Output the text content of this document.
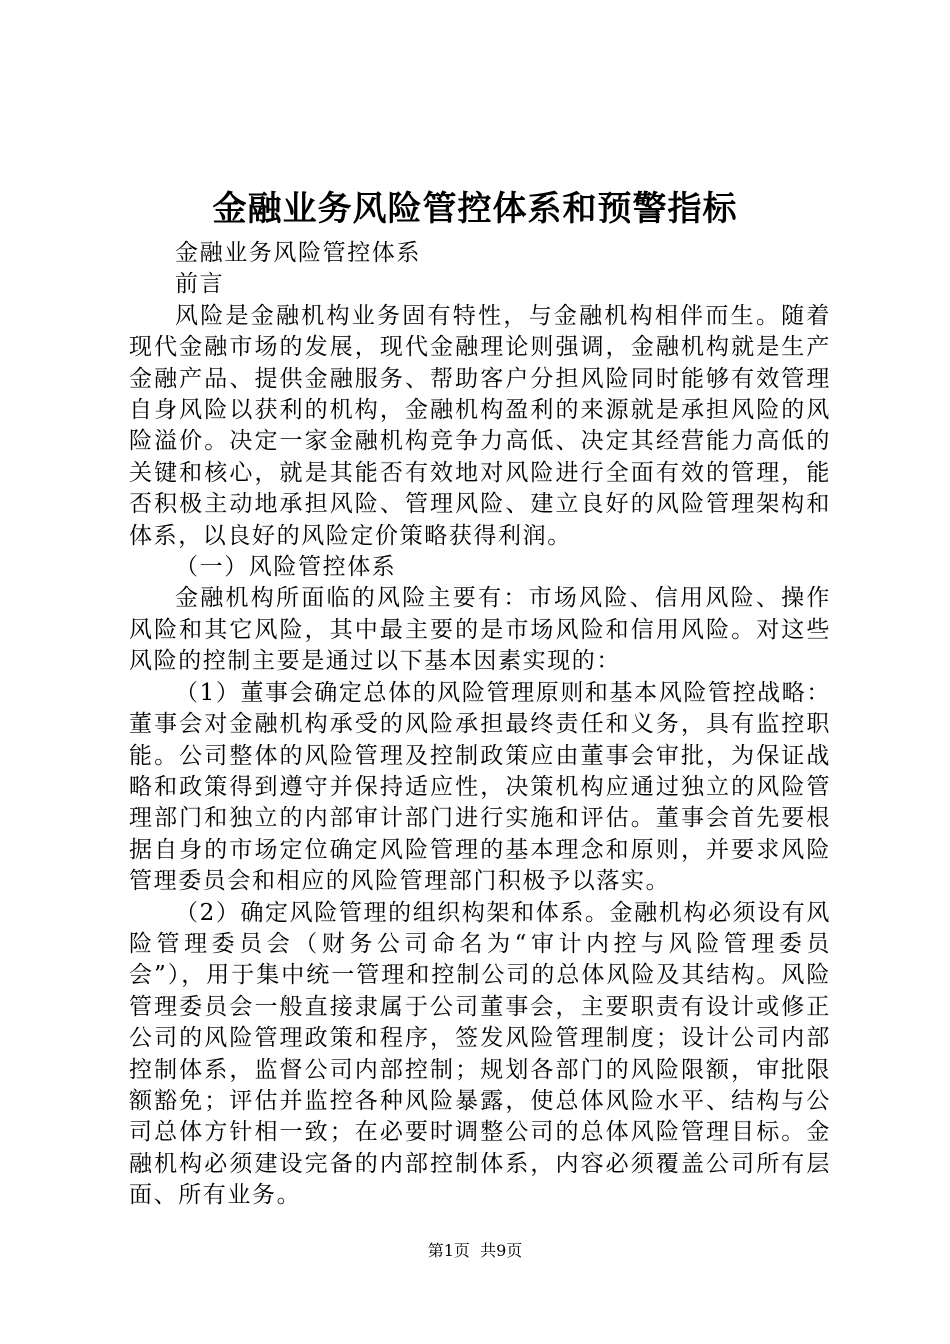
金融业务风险管控体系和预警指标

金融业务风险管控体系

前言

风险是金融机构业务固有特性，与金融机构相伴而生。随着现代金融市场的发展，现代金融理论则强调，金融机构就是生产金融产品、提供金融服务、帮助客户分担风险同时能够有效管理自身风险以获利的机构，金融机构盈利的来源就是承担风险的风险溢价。决定一家金融机构竞争力高低、决定其经营能力高低的关键和核心，就是其能否有效地对风险进行全面有效的管理，能否积极主动地承担风险、管理风险、建立良好的风险管理架构和体系，以良好的风险定价策略获得利润。

（一）风险管控体系

金融机构所面临的风险主要有：市场风险、信用风险、操作风险和其它风险，其中最主要的是市场风险和信用风险。对这些风险的控制主要是通过以下基本因素实现的：

（1）董事会确定总体的风险管理原则和基本风险管控战略：董事会对金融机构承受的风险承担最终责任和义务，具有监控职能。公司整体的风险管理及控制政策应由董事会审批，为保证战略和政策得到遵守并保持适应性，决策机构应通过独立的风险管理部门和独立的内部审计部门进行实施和评估。董事会首先要根据自身的市场定位确定风险管理的基本理念和原则，并要求风险管理委员会和相应的风险管理部门积极予以落实。

（2）确定风险管理的组织构架和体系。金融机构必须设有风险管理委员会（财务公司命名为“审计内控与风险管理委员会”），用于集中统一管理和控制公司的总体风险及其结构。风险管理委员会一般直接隶属于公司董事会，主要职责有设计或修正公司的风险管理政策和程序，签发风险管理制度；设计公司内部控制体系，监督公司内部控制；规划各部门的风险限额，审批限额豁免；评估并监控各种风险暴露，使总体风险水平、结构与公司总体方针相一致；在必要时调整公司的总体风险管理目标。金融机构必须建设完备的内部控制体系，内容必须覆盖公司所有层面、所有业务。

第1页 共9页
